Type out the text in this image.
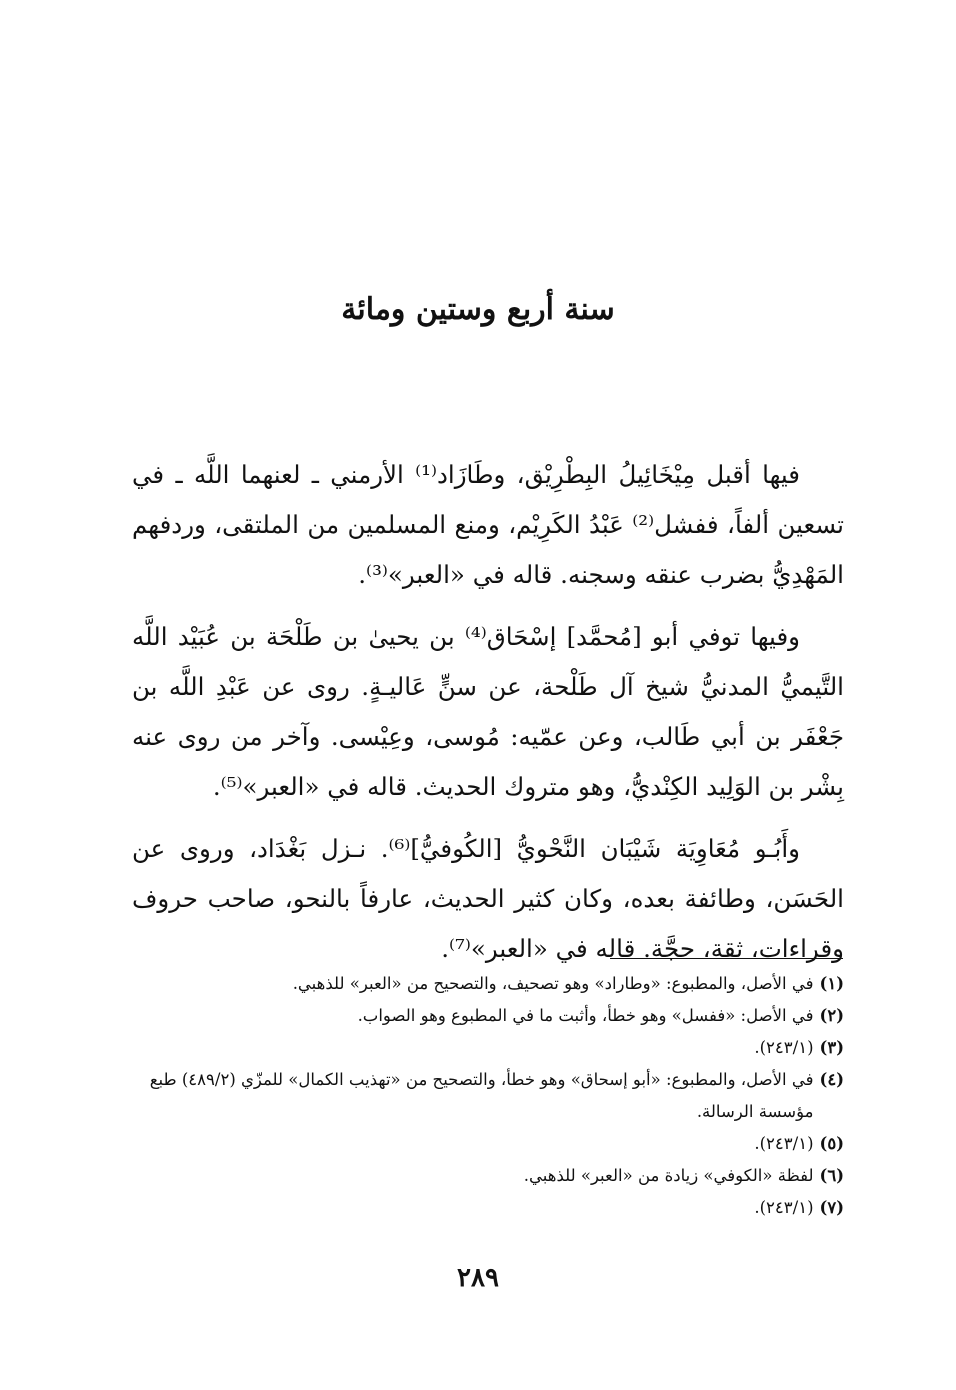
سنة أربع وستين ومائة

فيها أقبل مِيْخَائِيلُ البِطْرِيْق، وطَازَاد⁽¹⁾ الأرمني ـ لعنهما اللَّه ـ في تسعين ألفاً، ففشل⁽²⁾ عَبْدُ الكَرِيْم، ومنع المسلمين من الملتقى، وردفهم المَهْدِيُّ بضرب عنقه وسجنه. قاله في «العبر»⁽³⁾.

وفيها توفي أبو [مُحمَّد] إسْحَاق⁽⁴⁾ بن يحيىٰ بن طَلْحَة بن عُبَيْد اللَّه التَّيميُّ المدنيُّ شيخ آل طَلْحة، عن سنٍّ عَاليـةٍ. روى عن عَبْدِ اللَّه بن جَعْفَر بن أبي طَالب، وعن عمّيه: مُوسى، وعِيْسى. وآخر من روى عنه بِشْر بن الوَلِيد الكِنْديُّ، وهو متروك الحديث. قاله في «العبر»⁽⁵⁾.

وأَبُـو مُعَاوِيَة شَيْبَان النَّحْويُّ [الكُوفيُّ]⁽⁶⁾. نـزل بَغْدَاد، وروى عن الحَسَن، وطائفة بعده، وكان كثير الحديث، عارفاً بالنحو، صاحب حروف وقراءات، ثقة، حجَّة. قاله في «العبر»⁽⁷⁾.

(١)
في الأصل، والمطبوع: «وطاراد» وهو تصحيف، والتصحيح من «العبر» للذهبي.
(٢)
في الأصل: «ففسل» وهو خطأ، وأثبت ما في المطبوع وهو الصواب.
(٣)
(٢٤٣/١).
(٤)
في الأصل، والمطبوع: «أبو إسحاق» وهو خطأ، والتصحيح من «تهذيب الكمال» للمزّي (٤٨٩/٢) طبع مؤسسة الرسالة.
(٥)
(٢٤٣/١).
(٦)
لفظة «الكوفي» زيادة من «العبر» للذهبي.
(٧)
(٢٤٣/١).
٢٨٩
